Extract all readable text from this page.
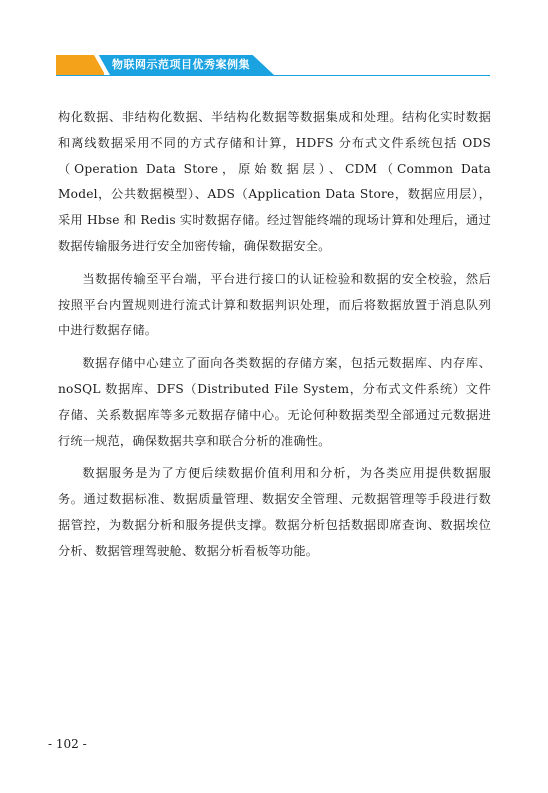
物联网示范项目优秀案例集

构化数据、非结构化数据、半结构化数据等数据集成和处理。结构化实时数据和离线数据采用不同的方式存储和计算，HDFS 分布式文件系统包括 ODS（Operation Data Store，原始数据层）、CDM（Common Data Model，公共数据模型）、ADS（Application Data Store，数据应用层），采用 Hbse 和 Redis 实时数据存储。经过智能终端的现场计算和处理后，通过数据传输服务进行安全加密传输，确保数据安全。

当数据传输至平台端，平台进行接口的认证检验和数据的安全校验，然后按照平台内置规则进行流式计算和数据判识处理，而后将数据放置于消息队列中进行数据存储。

数据存储中心建立了面向各类数据的存储方案，包括元数据库、内存库、noSQL 数据库、DFS（Distributed File System，分布式文件系统）文件存储、关系数据库等多元数据存储中心。无论何种数据类型全部通过元数据进行统一规范，确保数据共享和联合分析的准确性。

数据服务是为了方便后续数据价值利用和分析，为各类应用提供数据服务。通过数据标准、数据质量管理、数据安全管理、元数据管理等手段进行数据管控，为数据分析和服务提供支撑。数据分析包括数据即席查询、数据埃位分析、数据管理驾驶舱、数据分析看板等功能。

- 102 -
